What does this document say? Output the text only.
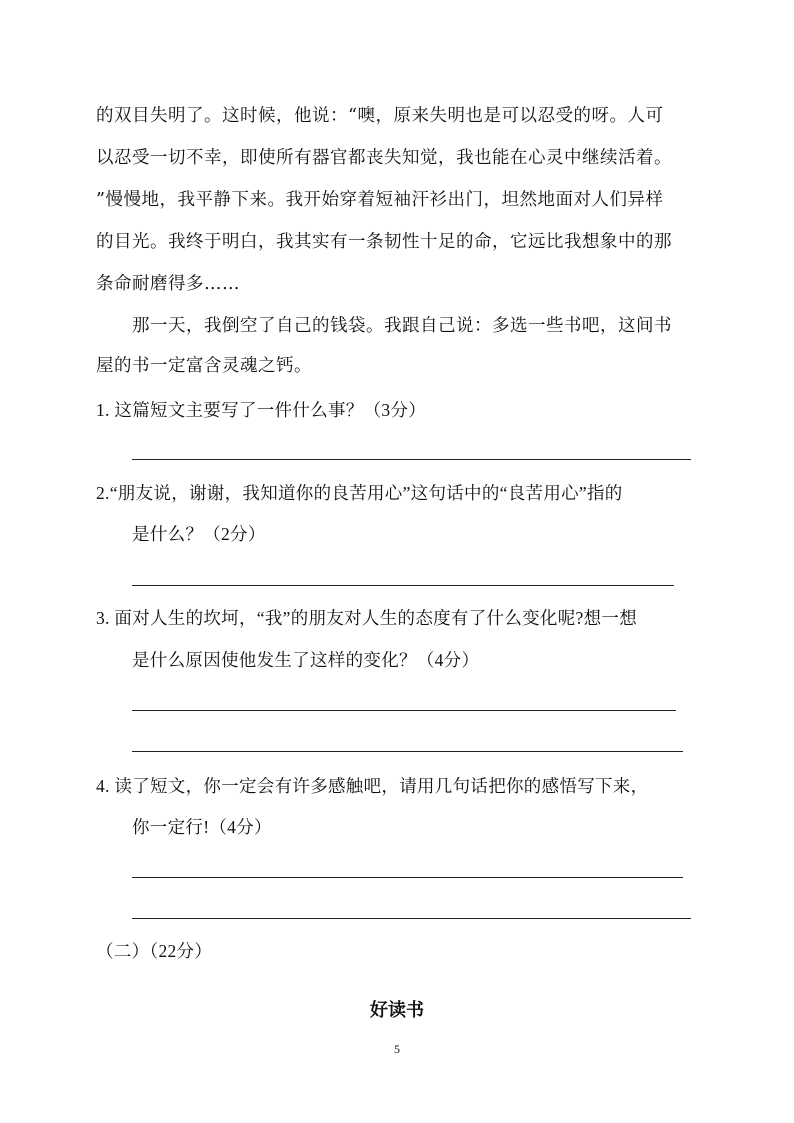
的双目失明了。这时候，他说：“噢，原来失明也是可以忍受的呀。人可

以忍受一切不幸，即使所有器官都丧失知觉，我也能在心灵中继续活着。

”慢慢地，我平静下来。我开始穿着短袖汗衫出门，坦然地面对人们异样

的目光。我终于明白，我其实有一条韧性十足的命，它远比我想象中的那

条命耐磨得多……

那一天，我倒空了自己的钱袋。我跟自己说：多选一些书吧，这间书

屋的书一定富含灵魂之钙。

1. 这篇短文主要写了一件什么事？（3分）

2.“朋友说，谢谢，我知道你的良苦用心”这句话中的“良苦用心”指的

是什么？（2分）

3. 面对人生的坎坷，“我”的朋友对人生的态度有了什么变化呢?想一想

是什么原因使他发生了这样的变化？（4分）

4. 读了短文，你一定会有许多感触吧，请用几句话把你的感悟写下来，

你一定行!（4分）

（二）（22分）

好读书
5
